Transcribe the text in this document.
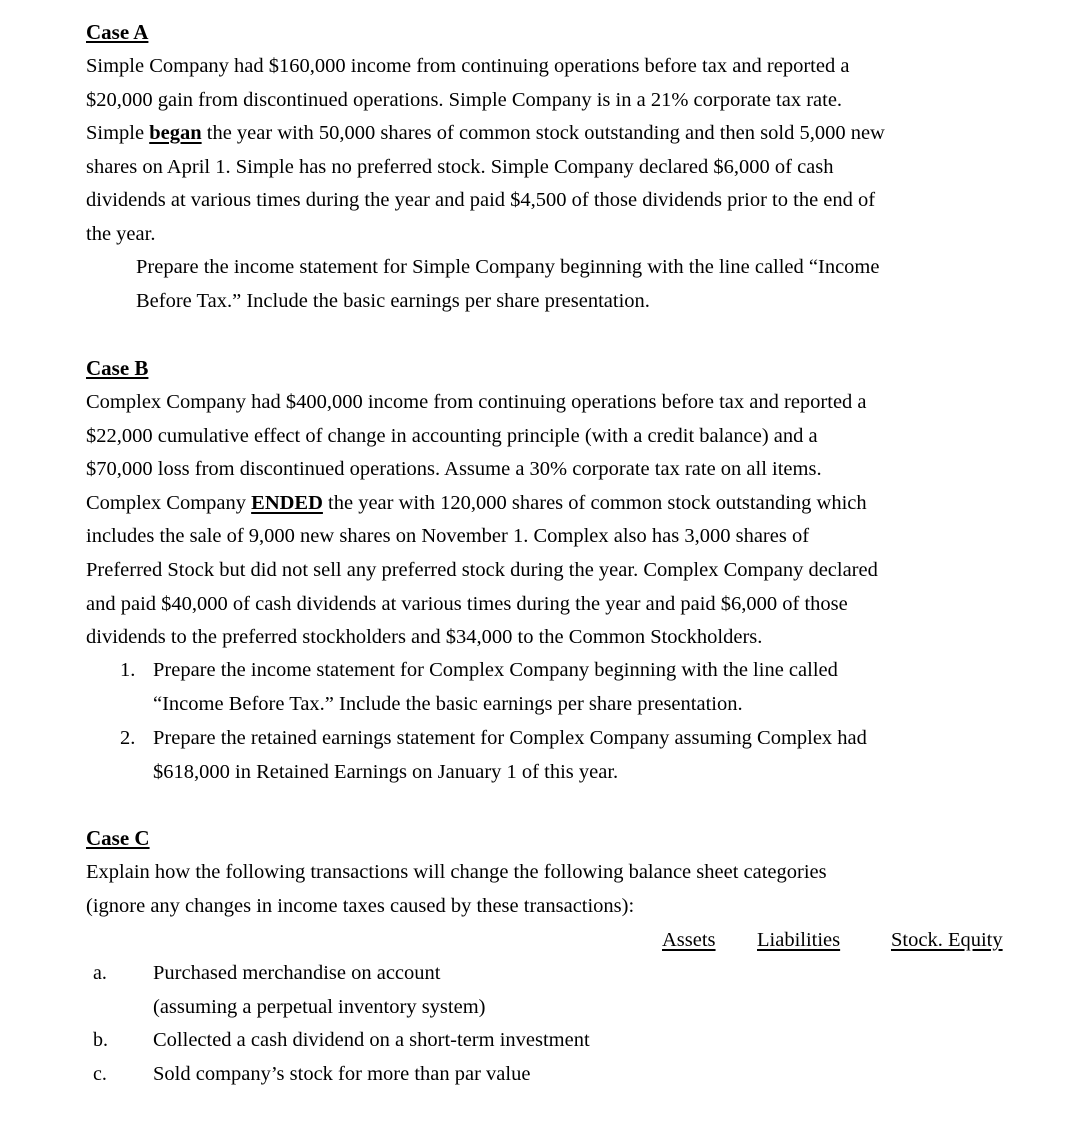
Case A
Simple Company had $160,000 income from continuing operations before tax and reported a
$20,000 gain from discontinued operations. Simple Company is in a 21% corporate tax rate.
Simple began the year with 50,000 shares of common stock outstanding and then sold 5,000 new
shares on April 1. Simple has no preferred stock. Simple Company declared $6,000 of cash
dividends at various times during the year and paid $4,500 of those dividends prior to the end of
the year.
Prepare the income statement for Simple Company beginning with the line called “Income
Before Tax.” Include the basic earnings per share presentation.
Case B
Complex Company had $400,000 income from continuing operations before tax and reported a
$22,000 cumulative effect of change in accounting principle (with a credit balance) and a
$70,000 loss from discontinued operations. Assume a 30% corporate tax rate on all items.
Complex Company ENDED the year with 120,000 shares of common stock outstanding which
includes the sale of 9,000 new shares on November 1. Complex also has 3,000 shares of
Preferred Stock but did not sell any preferred stock during the year. Complex Company declared
and paid $40,000 of cash dividends at various times during the year and paid $6,000 of those
dividends to the preferred stockholders and $34,000 to the Common Stockholders.
1. Prepare the income statement for Complex Company beginning with the line called
“Income Before Tax.” Include the basic earnings per share presentation.
2. Prepare the retained earnings statement for Complex Company assuming Complex had
$618,000 in Retained Earnings on January 1 of this year.
Case C
Explain how the following transactions will change the following balance sheet categories
(ignore any changes in income taxes caused by these transactions):
Assets Liabilities Stock. Equity
a. Purchased merchandise on account
(assuming a perpetual inventory system)
b. Collected a cash dividend on a short-term investment
c. Sold company’s stock for more than par value
